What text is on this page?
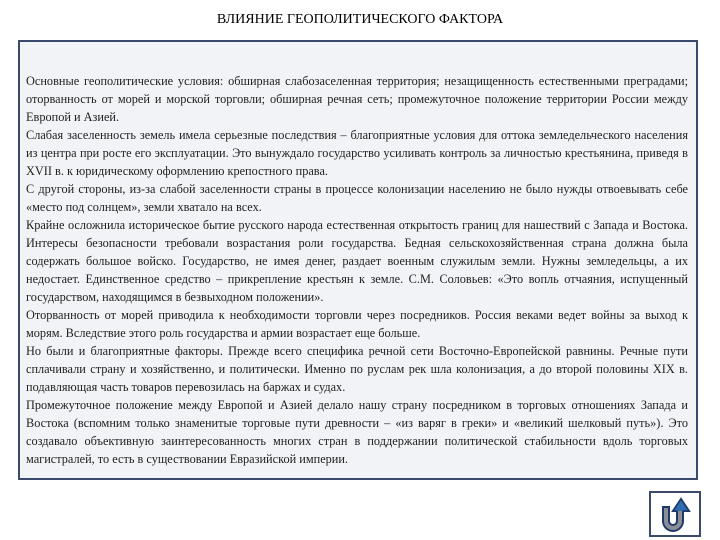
ВЛИЯНИЕ ГЕОПОЛИТИЧЕСКОГО ФАКТОРА

Основные геополитические условия: обширная слабозаселенная территория; незащищенность естественными преградами; оторванность от морей и морской торговли; обширная речная сеть; промежуточное положение территории России между Европой и Азией.

Слабая заселенность земель имела серьезные последствия – благоприятные условия для оттока земледельческого населения из центра при росте его эксплуатации. Это вынуждало государство усиливать контроль за личностью крестьянина, приведя в XVII в. к юридическому оформлению крепостного права.

С другой стороны, из-за слабой заселенности страны в процессе колонизации населению не было нужды отвоевывать себе «место под солнцем», земли хватало на всех.

Крайне осложнила историческое бытие русского народа естественная открытость границ для нашествий с Запада и Востока. Интересы безопасности требовали возрастания роли государства. Бедная сельскохозяйственная страна должна была содержать большое войско. Государство, не имея денег, раздает военным служилым земли. Нужны земледельцы, а их недостает. Единственное средство – прикрепление крестьян к земле. С.М. Соловьев: «Это вопль отчаяния, испущенный государством, находящимся в безвыходном положении».

Оторванность от морей приводила к необходимости торговли через посредников. Россия веками ведет войны за выход к морям. Вследствие этого роль государства и армии возрастает еще больше.

Но были и благоприятные факторы. Прежде всего специфика речной сети Восточно-Европейской равнины. Речные пути сплачивали страну и хозяйственно, и политически. Именно по руслам рек шла колонизация, а до второй половины XIX в. подавляющая часть товаров перевозилась на баржах и судах.

Промежуточное положение между Европой и Азией делало нашу страну посредником в торговых отношениях Запада и Востока (вспомним только знаменитые торговые пути древности – «из варяг в греки» и «великий шелковый путь»). Это создавало объективную заинтересованность многих стран в поддержании политической стабильности вдоль торговых магистралей, то есть в существовании Евразийской империи.
